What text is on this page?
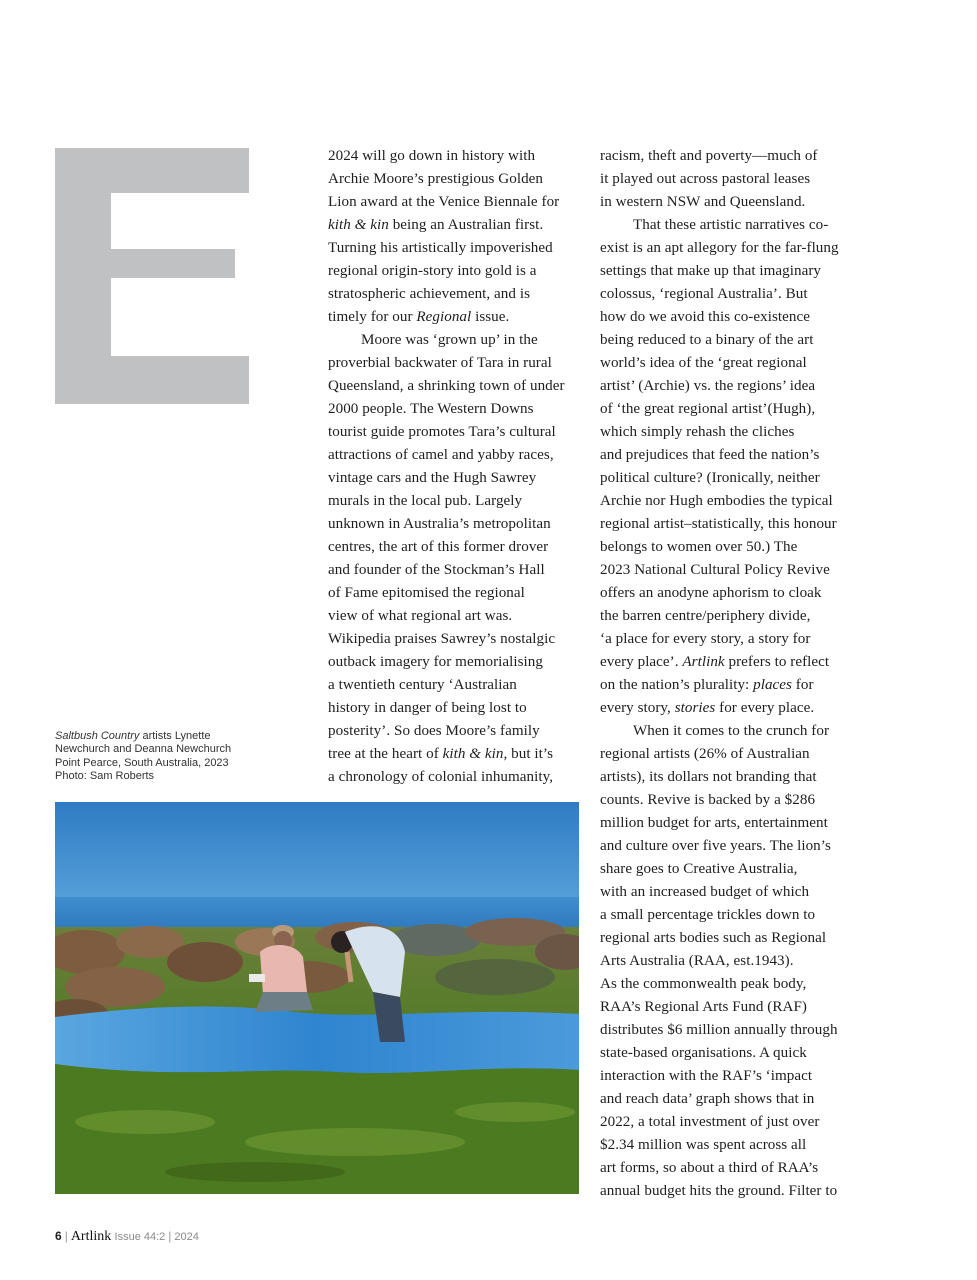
2024 will go down in history with
Archie Moore’s prestigious Golden
Lion award at the Venice Biennale for
kith & kin being an Australian first.
Turning his artistically impoverished
regional origin-story into gold is a
stratospheric achievement, and is
timely for our Regional issue.
Moore was ‘grown up’ in the
proverbial backwater of Tara in rural
Queensland, a shrinking town of under
2000 people. The Western Downs
tourist guide promotes Tara’s cultural
attractions of camel and yabby races,
vintage cars and the Hugh Sawrey
murals in the local pub. Largely
unknown in Australia’s metropolitan
centres, the art of this former drover
and founder of the Stockman’s Hall
of Fame epitomised the regional
view of what regional art was.
Wikipedia praises Sawrey’s nostalgic
outback imagery for memorialising
a twentieth century ‘Australian
history in danger of being lost to
posterity’. So does Moore’s family
tree at the heart of kith & kin, but it’s
a chronology of colonial inhumanity,
racism, theft and poverty—much of
it played out across pastoral leases
in western NSW and Queensland.
That these artistic narratives co-
exist is an apt allegory for the far-flung
settings that make up that imaginary
colossus, ‘regional Australia’. But
how do we avoid this co-existence
being reduced to a binary of the art
world’s idea of the ‘great regional
artist’ (Archie) vs. the regions’ idea
of ‘the great regional artist’(Hugh),
which simply rehash the cliches
and prejudices that feed the nation’s
political culture? (Ironically, neither
Archie nor Hugh embodies the typical
regional artist–statistically, this honour
belongs to women over 50.) The
2023 National Cultural Policy Revive
offers an anodyne aphorism to cloak
the barren centre/periphery divide,
‘a place for every story, a story for
every place’. Artlink prefers to reflect
on the nation’s plurality: places for
every story, stories for every place.
When it comes to the crunch for
regional artists (26% of Australian
artists), its dollars not branding that
counts. Revive is backed by a $286
million budget for arts, entertainment
and culture over five years. The lion’s
share goes to Creative Australia,
with an increased budget of which
a small percentage trickles down to
regional arts bodies such as Regional
Arts Australia (RAA, est.1943).
As the commonwealth peak body,
RAA’s Regional Arts Fund (RAF)
distributes $6 million annually through
state-based organisations. A quick
interaction with the RAF’s ‘impact
and reach data’ graph shows that in
2022, a total investment of just over
$2.34 million was spent across all
art forms, so about a third of RAA’s
annual budget hits the ground. Filter to
Saltbush Country artists Lynette
Newchurch and Deanna Newchurch
Point Pearce, South Australia, 2023
Photo: Sam Roberts
6 | Artlink Issue 44:2 | 2024
